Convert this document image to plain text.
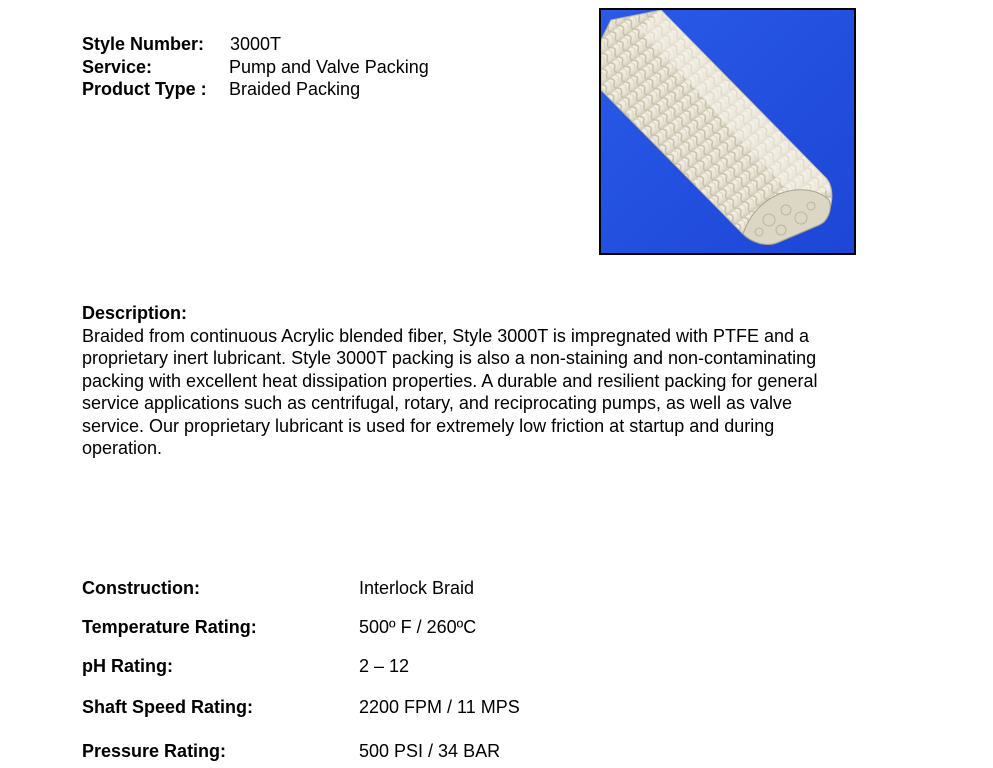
Style Number: 3000T
Service:	Pump and Valve Packing
Product Type : Braided Packing
Description:
Braided from continuous Acrylic blended fiber, Style 3000T is impregnated with PTFE and a
proprietary inert lubricant. Style 3000T packing is also a non-staining and non-contaminating
packing with excellent heat dissipation properties. A durable and resilient packing for general
service applications such as centrifugal, rotary, and reciprocating pumps, as well as valve
service. Our proprietary lubricant is used for extremely low friction at startup and during
operation.
Construction:	Interlock Braid
Temperature Rating:	500º F / 260ºC
pH Rating:	2 – 12
Shaft Speed Rating:	2200 FPM / 11 MPS
Pressure Rating:	500 PSI / 34 BAR
